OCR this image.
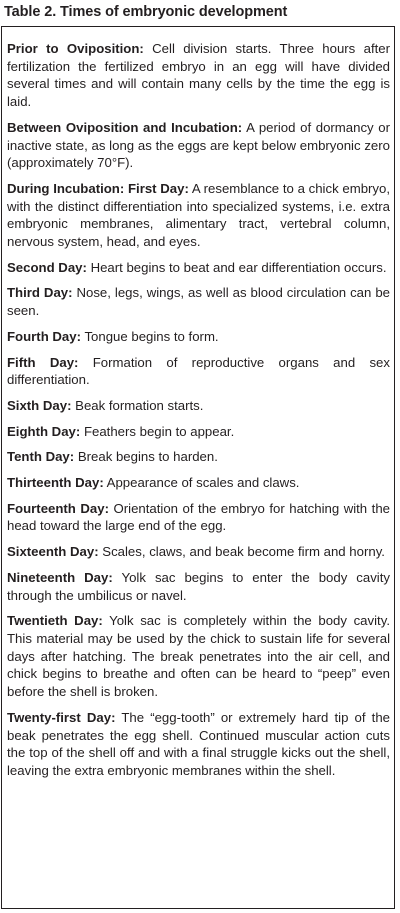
Table 2. Times of embryonic development

Prior to Oviposition: Cell division starts. Three hours after fertilization the fertilized embryo in an egg will have divided several times and will contain many cells by the time the egg is laid.

Between Oviposition and Incubation: A period of dormancy or inactive state, as long as the eggs are kept below embryonic zero (approximately 70°F).

During Incubation: First Day: A resemblance to a chick embryo, with the distinct differentiation into specialized systems, i.e. extra embryonic membranes, alimentary tract, vertebral column, nervous system, head, and eyes.

Second Day: Heart begins to beat and ear differentiation occurs.

Third Day: Nose, legs, wings, as well as blood circulation can be seen.

Fourth Day: Tongue begins to form.

Fifth Day: Formation of reproductive organs and sex differentiation.

Sixth Day: Beak formation starts.

Eighth Day: Feathers begin to appear.

Tenth Day: Break begins to harden.

Thirteenth Day: Appearance of scales and claws.

Fourteenth Day: Orientation of the embryo for hatching with the head toward the large end of the egg.

Sixteenth Day: Scales, claws, and beak become firm and horny.

Nineteenth Day: Yolk sac begins to enter the body cavity through the umbilicus or navel.

Twentieth Day: Yolk sac is completely within the body cavity. This material may be used by the chick to sustain life for several days after hatching. The break penetrates into the air cell, and chick begins to breathe and often can be heard to “peep” even before the shell is broken.

Twenty-first Day: The “egg-tooth” or extremely hard tip of the beak penetrates the egg shell. Continued muscular action cuts the top of the shell off and with a final struggle kicks out the shell, leaving the extra embryonic membranes within the shell.
